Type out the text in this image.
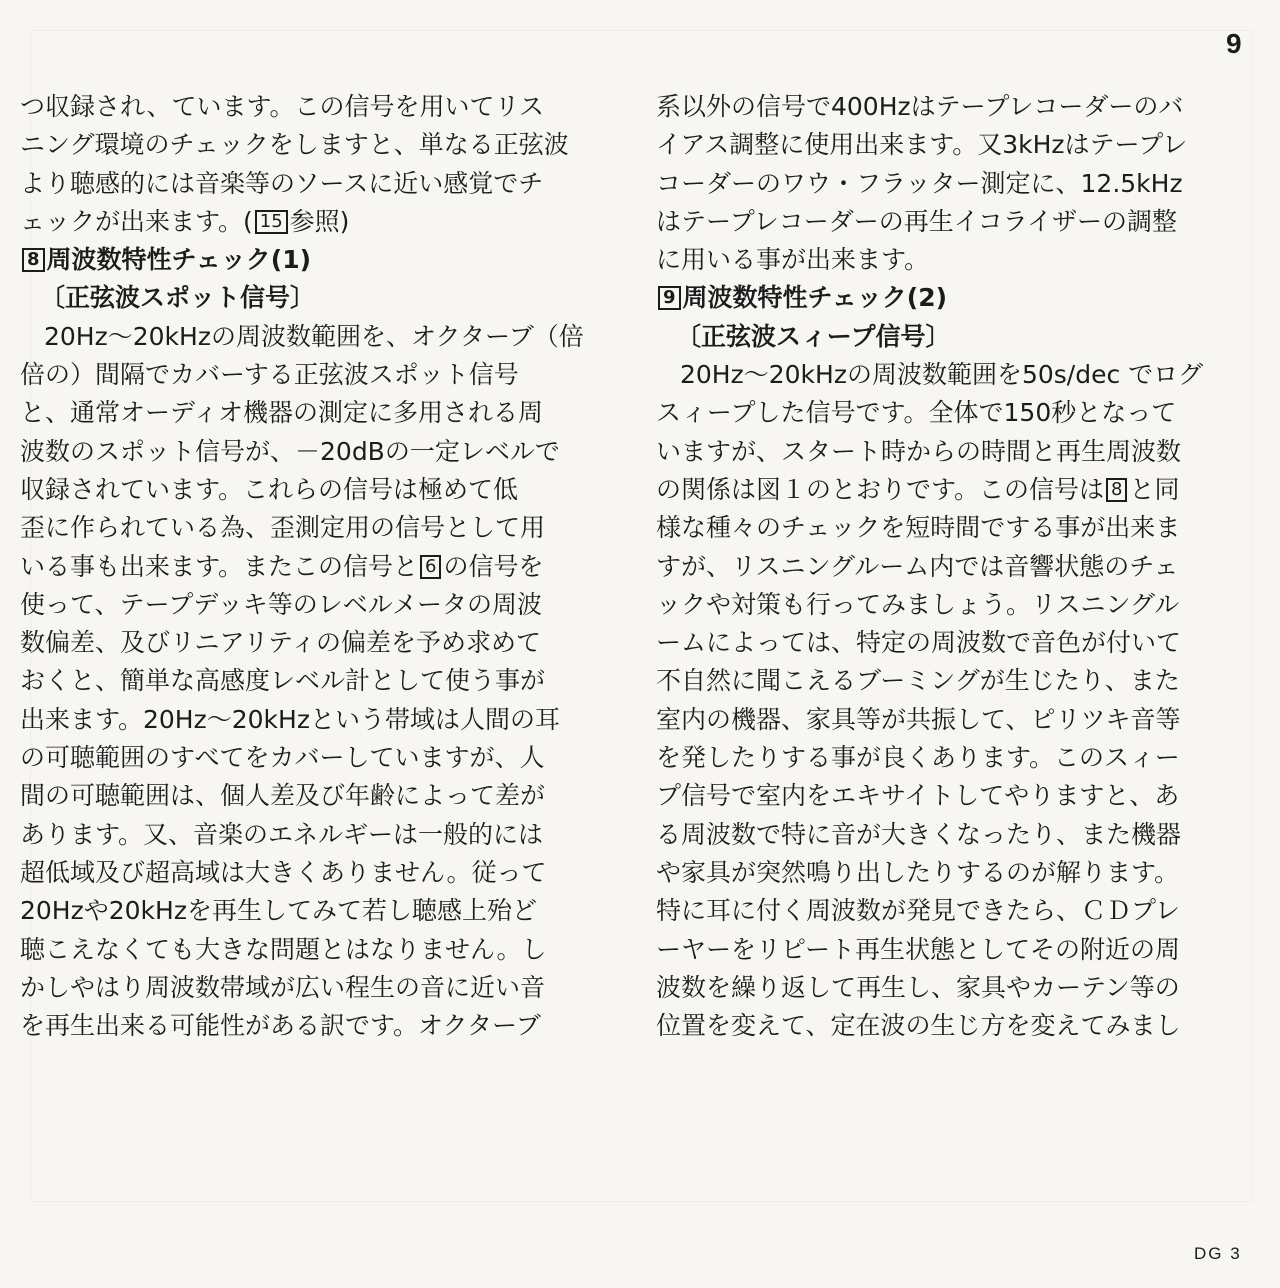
9
つ収録され、ています。この信号を用いてリス
ニング環境のチェックをしますと、単なる正弦波
より聴感的には音楽等のソースに近い感覚でチ
ェックが出来ます。( 15 参照)
8 周波数特性チェック(1)
〔正弦波スポット信号〕
20Hz～20kHzの周波数範囲を、オクターブ（倍
倍の）間隔でカバーする正弦波スポット信号
と、通常オーディオ機器の測定に多用される周
波数のスポット信号が、－20dBの一定レベルで
収録されています。これらの信号は極めて低
歪に作られている為、歪測定用の信号として用
いる事も出来ます。またこの信号と 6 の信号を
使って、テープデッキ等のレベルメータの周波
数偏差、及びリニアリティの偏差を予め求めて
おくと、簡単な高感度レベル計として使う事が
出来ます。20Hz～20kHzという帯域は人間の耳
の可聴範囲のすべてをカバーしていますが、人
間の可聴範囲は、個人差及び年齢によって差が
あります。又、音楽のエネルギーは一般的には
超低域及び超高域は大きくありません。従って
20Hzや20kHzを再生してみて若し聴感上殆ど
聴こえなくても大きな問題とはなりません。し
かしやはり周波数帯域が広い程生の音に近い音
を再生出来る可能性がある訳です。オクターブ
系以外の信号で400Hzはテープレコーダーのバ
イアス調整に使用出来ます。又3kHzはテープレ
コーダーのワウ・フラッター測定に、12.5kHz
はテープレコーダーの再生イコライザーの調整
に用いる事が出来ます。
9 周波数特性チェック(2)
〔正弦波スィープ信号〕
20Hz～20kHzの周波数範囲を50s/dec でログ
スィープした信号です。全体で150秒となって
いますが、スタート時からの時間と再生周波数
の関係は図１のとおりです。この信号は 8 と同
様な種々のチェックを短時間でする事が出来ま
すが、リスニングルーム内では音響状態のチェ
ックや対策も行ってみましょう。リスニングル
ームによっては、特定の周波数で音色が付いて
不自然に聞こえるブーミングが生じたり、また
室内の機器、家具等が共振して、ピリツキ音等
を発したりする事が良くあります。このスィー
プ信号で室内をエキサイトしてやりますと、あ
る周波数で特に音が大きくなったり、また機器
や家具が突然鳴り出したりするのが解ります。
特に耳に付く周波数が発見できたら、ＣＤプレ
ーヤーをリピート再生状態としてその附近の周
波数を繰り返して再生し、家具やカーテン等の
位置を変えて、定在波の生じ方を変えてみまし
DG 3
